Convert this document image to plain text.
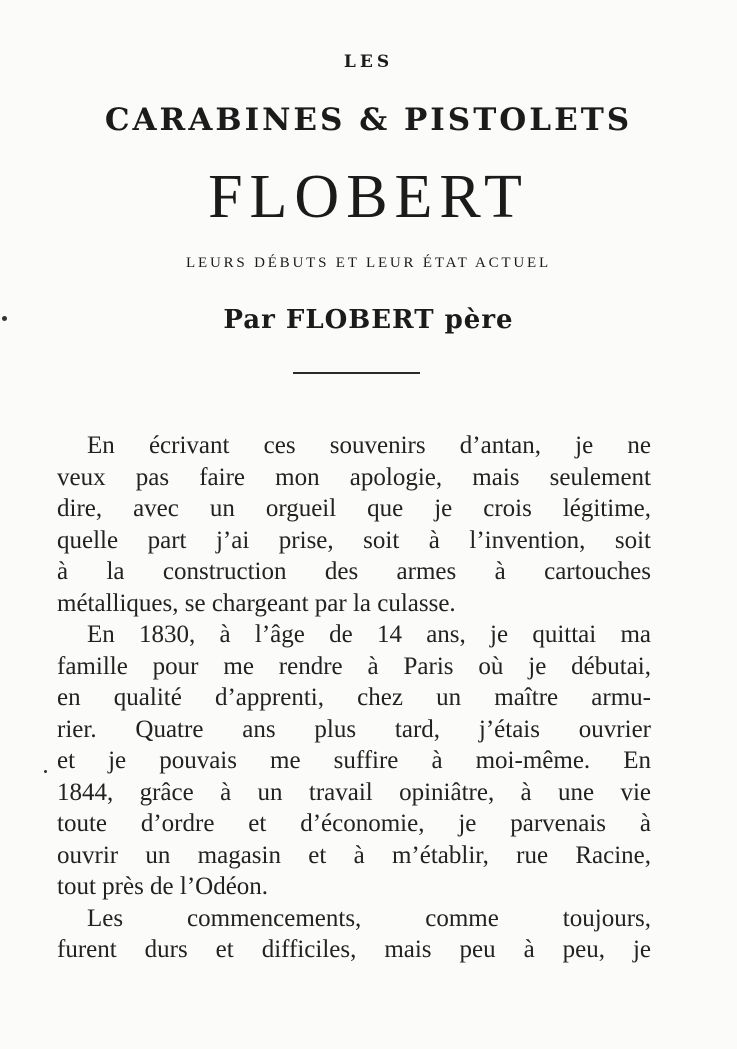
LES
CARABINES & PISTOLETS
FLOBERT
LEURS DÉBUTS ET LEUR ÉTAT ACTUEL
Par FLOBERT père
En écrivant ces souvenirs d’antan, je ne
veux pas faire mon apologie, mais seulement
dire, avec un orgueil que je crois légitime,
quelle part j’ai prise, soit à l’invention, soit
à la construction des armes à cartouches
métalliques, se chargeant par la culasse.
En 1830, à l’âge de 14 ans, je quittai ma
famille pour me rendre à Paris où je débutai,
en qualité d’apprenti, chez un maître armu-
rier. Quatre ans plus tard, j’étais ouvrier
et je pouvais me suffire à moi-même. En
1844, grâce à un travail opiniâtre, à une vie
toute d’ordre et d’économie, je parvenais à
ouvrir un magasin et à m’établir, rue Racine,
tout près de l’Odéon.
Les commencements, comme toujours,
furent durs et difficiles, mais peu à peu, je
